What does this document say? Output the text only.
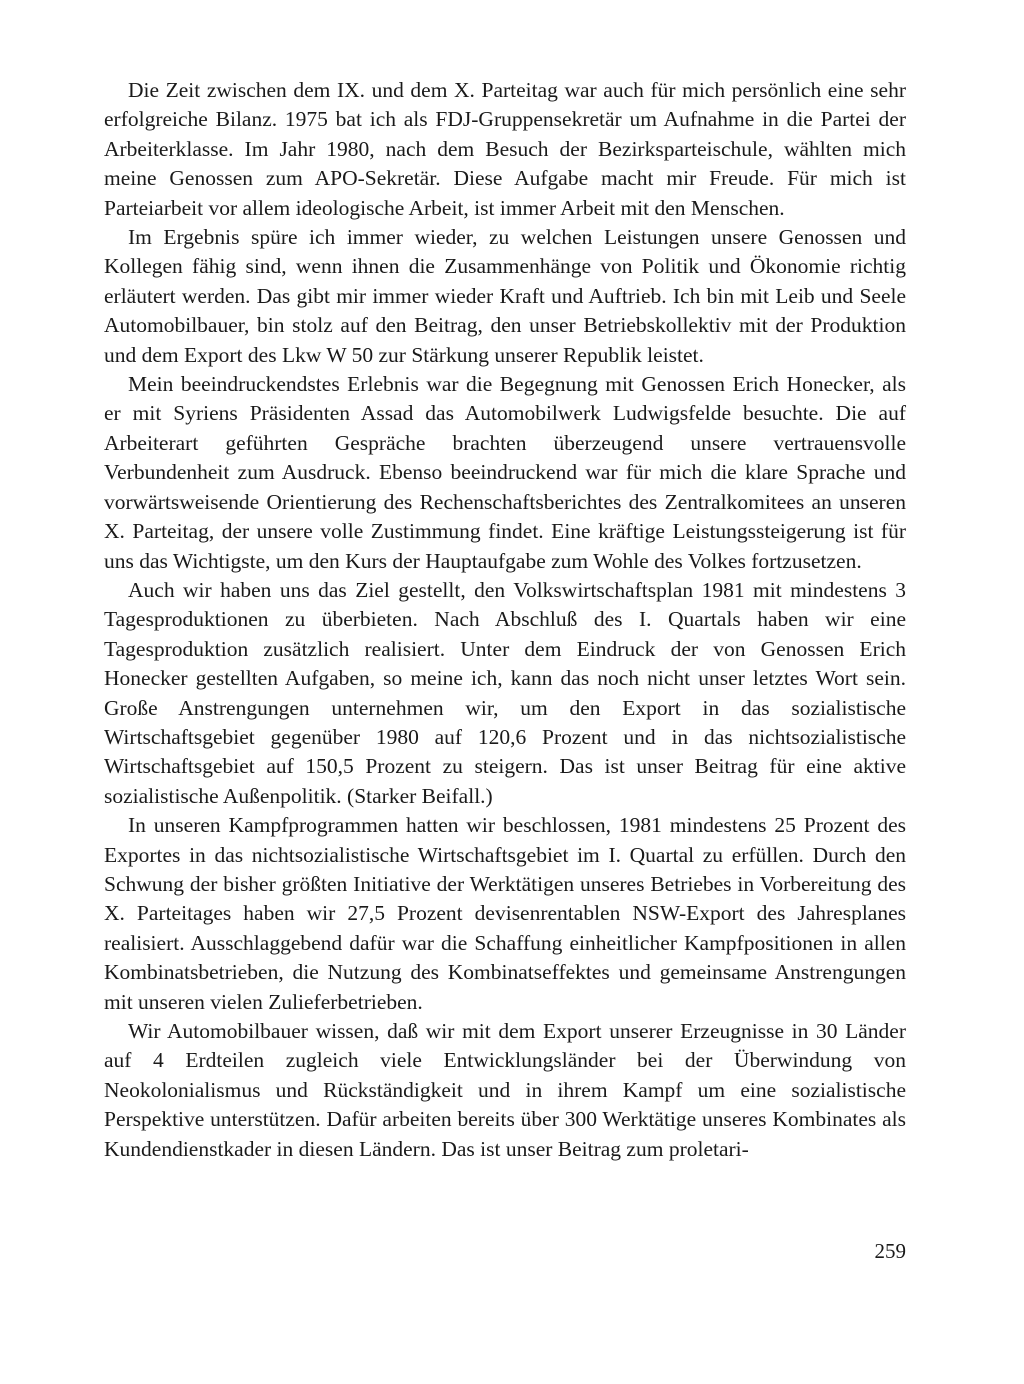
Die Zeit zwischen dem IX. und dem X. Parteitag war auch für mich persönlich eine sehr erfolgreiche Bilanz. 1975 bat ich als FDJ-Gruppensekretär um Aufnahme in die Partei der Arbeiterklasse. Im Jahr 1980, nach dem Besuch der Bezirksparteischule, wählten mich meine Genossen zum APO-Sekretär. Diese Aufgabe macht mir Freude. Für mich ist Parteiarbeit vor allem ideologische Arbeit, ist immer Arbeit mit den Menschen.

Im Ergebnis spüre ich immer wieder, zu welchen Leistungen unsere Genossen und Kollegen fähig sind, wenn ihnen die Zusammenhänge von Politik und Ökonomie richtig erläutert werden. Das gibt mir immer wieder Kraft und Auftrieb. Ich bin mit Leib und Seele Automobilbauer, bin stolz auf den Beitrag, den unser Betriebskollektiv mit der Produktion und dem Export des Lkw W 50 zur Stärkung unserer Republik leistet.

Mein beeindruckendstes Erlebnis war die Begegnung mit Genossen Erich Honecker, als er mit Syriens Präsidenten Assad das Automobilwerk Ludwigsfelde besuchte. Die auf Arbeiterart geführten Gespräche brachten überzeugend unsere vertrauensvolle Verbundenheit zum Ausdruck. Ebenso beeindruckend war für mich die klare Sprache und vorwärtsweisende Orientierung des Rechenschaftsberichtes des Zentralkomitees an unseren X. Parteitag, der unsere volle Zustimmung findet. Eine kräftige Leistungssteigerung ist für uns das Wichtigste, um den Kurs der Hauptaufgabe zum Wohle des Volkes fortzusetzen.

Auch wir haben uns das Ziel gestellt, den Volkswirtschaftsplan 1981 mit mindestens 3 Tagesproduktionen zu überbieten. Nach Abschluß des I. Quartals haben wir eine Tagesproduktion zusätzlich realisiert. Unter dem Eindruck der von Genossen Erich Honecker gestellten Aufgaben, so meine ich, kann das noch nicht unser letztes Wort sein. Große Anstrengungen unternehmen wir, um den Export in das sozialistische Wirtschaftsgebiet gegenüber 1980 auf 120,6 Prozent und in das nichtsozialistische Wirtschaftsgebiet auf 150,5 Prozent zu steigern. Das ist unser Beitrag für eine aktive sozialistische Außenpolitik. (Starker Beifall.)

In unseren Kampfprogrammen hatten wir beschlossen, 1981 mindestens 25 Prozent des Exportes in das nichtsozialistische Wirtschaftsgebiet im I. Quartal zu erfüllen. Durch den Schwung der bisher größten Initiative der Werktätigen unseres Betriebes in Vorbereitung des X. Parteitages haben wir 27,5 Prozent devisenrentablen NSW-Export des Jahresplanes realisiert. Ausschlaggebend dafür war die Schaffung einheitlicher Kampfpositionen in allen Kombinatsbetrieben, die Nutzung des Kombinatseffektes und gemeinsame Anstrengungen mit unseren vielen Zulieferbetrieben.

Wir Automobilbauer wissen, daß wir mit dem Export unserer Erzeugnisse in 30 Länder auf 4 Erdteilen zugleich viele Entwicklungsländer bei der Überwindung von Neokolonialismus und Rückständigkeit und in ihrem Kampf um eine sozialistische Perspektive unterstützen. Dafür arbeiten bereits über 300 Werktätige unseres Kombinates als Kundendienstkader in diesen Ländern. Das ist unser Beitrag zum proletari-

259
